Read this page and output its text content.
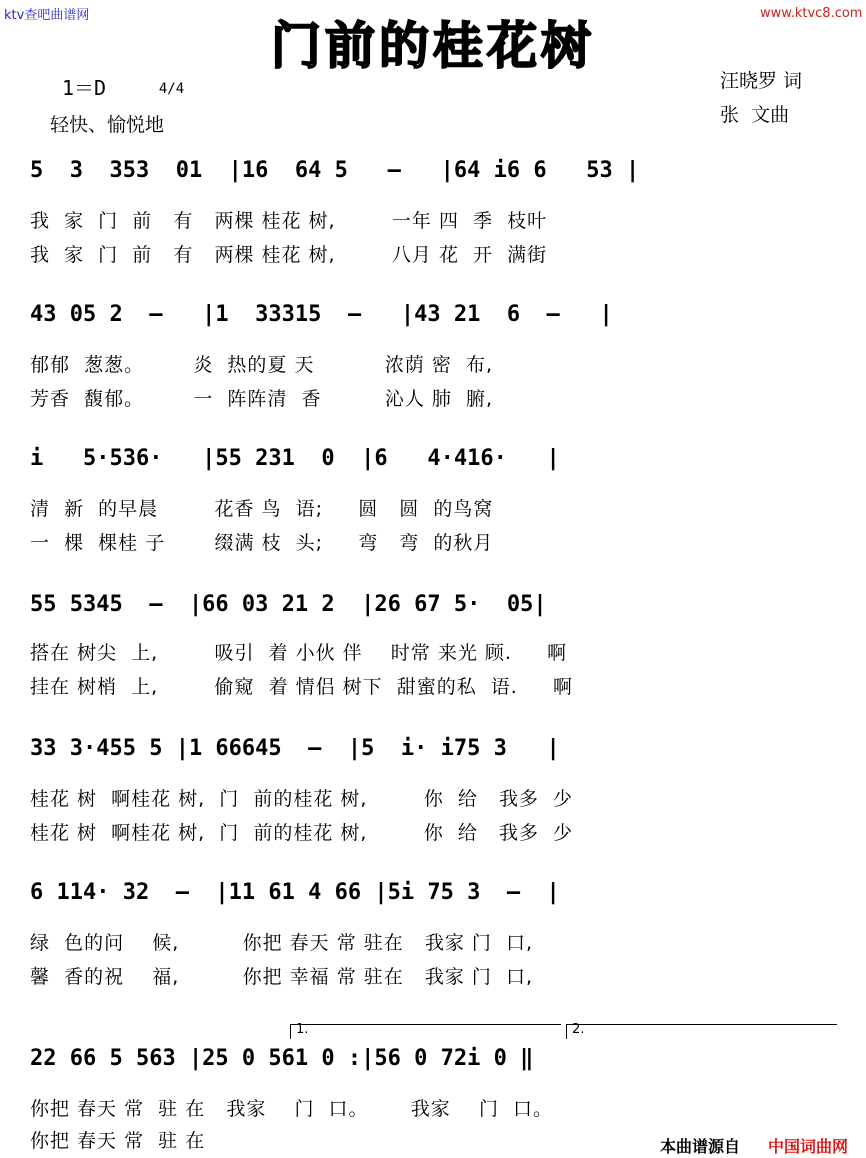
ktv查吧曲谱网	www.ktvc8.com
门前的桂花树
1＝D	4/4

轻快、愉悦地
汪晓罗 词
张  文曲
5  3  353  01  |16  64 5   –   |64 i6 6   53 |
我  家  门  前   有   两棵 桂花 树,        一年 四  季  枝叶
我  家  门  前   有   两棵 桂花 树,        八月 花  开  满街
43 05 2  –   |1  33315  –   |43 21  6  –   |
郁郁  葱葱。       炎  热的夏 天          浓荫 密  布,
芳香  馥郁。       一  阵阵清  香         沁人 肺  腑,
i   5·536·   |55 231  0  |6   4·416·   |
清  新  的早晨        花香 鸟  语;     圆   圆  的鸟窝
一  棵  棵桂 子       缀满 枝  头;     弯   弯  的秋月
55 5345  –  |66 03 21 2  |26 67 5·  05|
搭在 树尖  上,        吸引  着 小伙 伴    时常 来光 顾.     啊
挂在 树梢  上,        偷窥  着 情侣 树下  甜蜜的私  语.     啊
33 3·455 5 |1 66645  –  |5  i· i75 3   |
桂花 树  啊桂花 树,  门  前的桂花 树,        你  给   我多  少
桂花 树  啊桂花 树,  门  前的桂花 树,        你  给   我多  少
6 114· 32  –  |11 61 4 66 |5i 75 3  –  |
绿  色的问    候,         你把 春天 常 驻在   我家 门  口,
馨  香的祝    福,         你把 幸福 常 驻在   我家 门  口,
1.	2.
22 66 5 563 |25 0 561 0 :|56 0 72i 0 ‖
你把 春天 常  驻 在   我家    门  口。      我家    门  口。
你把 春天 常  驻 在	本曲谱源自 中国词曲网
